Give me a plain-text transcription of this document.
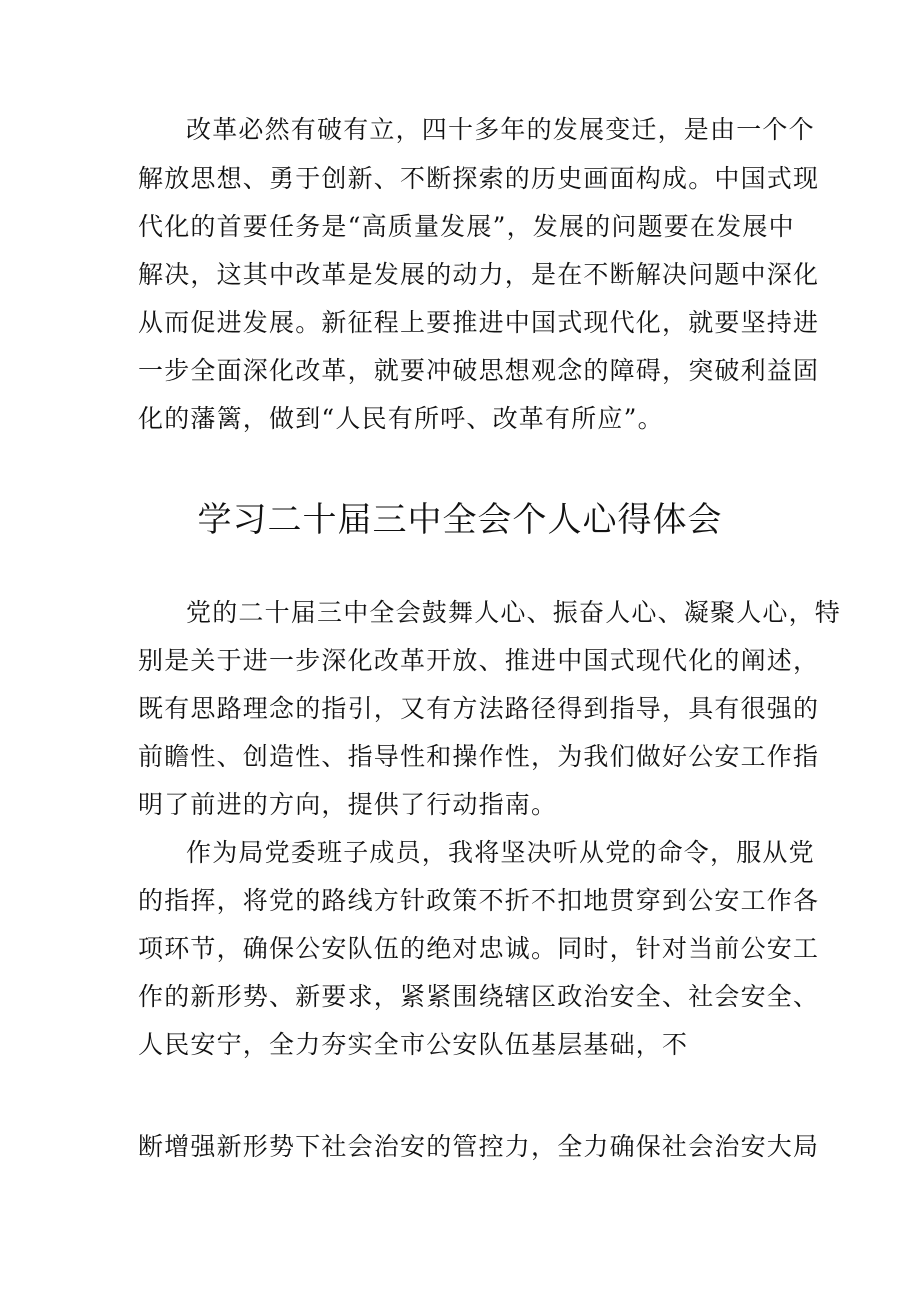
改革必然有破有立，四十多年的发展变迁，是由一个个
解放思想、勇于创新、不断探索的历史画面构成。中国式现
代化的首要任务是“高质量发展”，发展的问题要在发展中
解决，这其中改革是发展的动力，是在不断解决问题中深化
从而促进发展。新征程上要推进中国式现代化，就要坚持进
一步全面深化改革，就要冲破思想观念的障碍，突破利益固
化的藩篱，做到“人民有所呼、改革有所应”。
学习二十届三中全会个人心得体会
党的二十届三中全会鼓舞人心、振奋人心、凝聚人心，特
别是关于进一步深化改革开放、推进中国式现代化的阐述，
既有思路理念的指引，又有方法路径得到指导，具有很强的
前瞻性、创造性、指导性和操作性，为我们做好公安工作指
明了前进的方向，提供了行动指南。
作为局党委班子成员，我将坚决听从党的命令，服从党
的指挥，将党的路线方针政策不折不扣地贯穿到公安工作各
项环节，确保公安队伍的绝对忠诚。同时，针对当前公安工
作的新形势、新要求，紧紧围绕辖区政治安全、社会安全、
人民安宁，全力夯实全市公安队伍基层基础，不
断增强新形势下社会治安的管控力，全力确保社会治安大局
